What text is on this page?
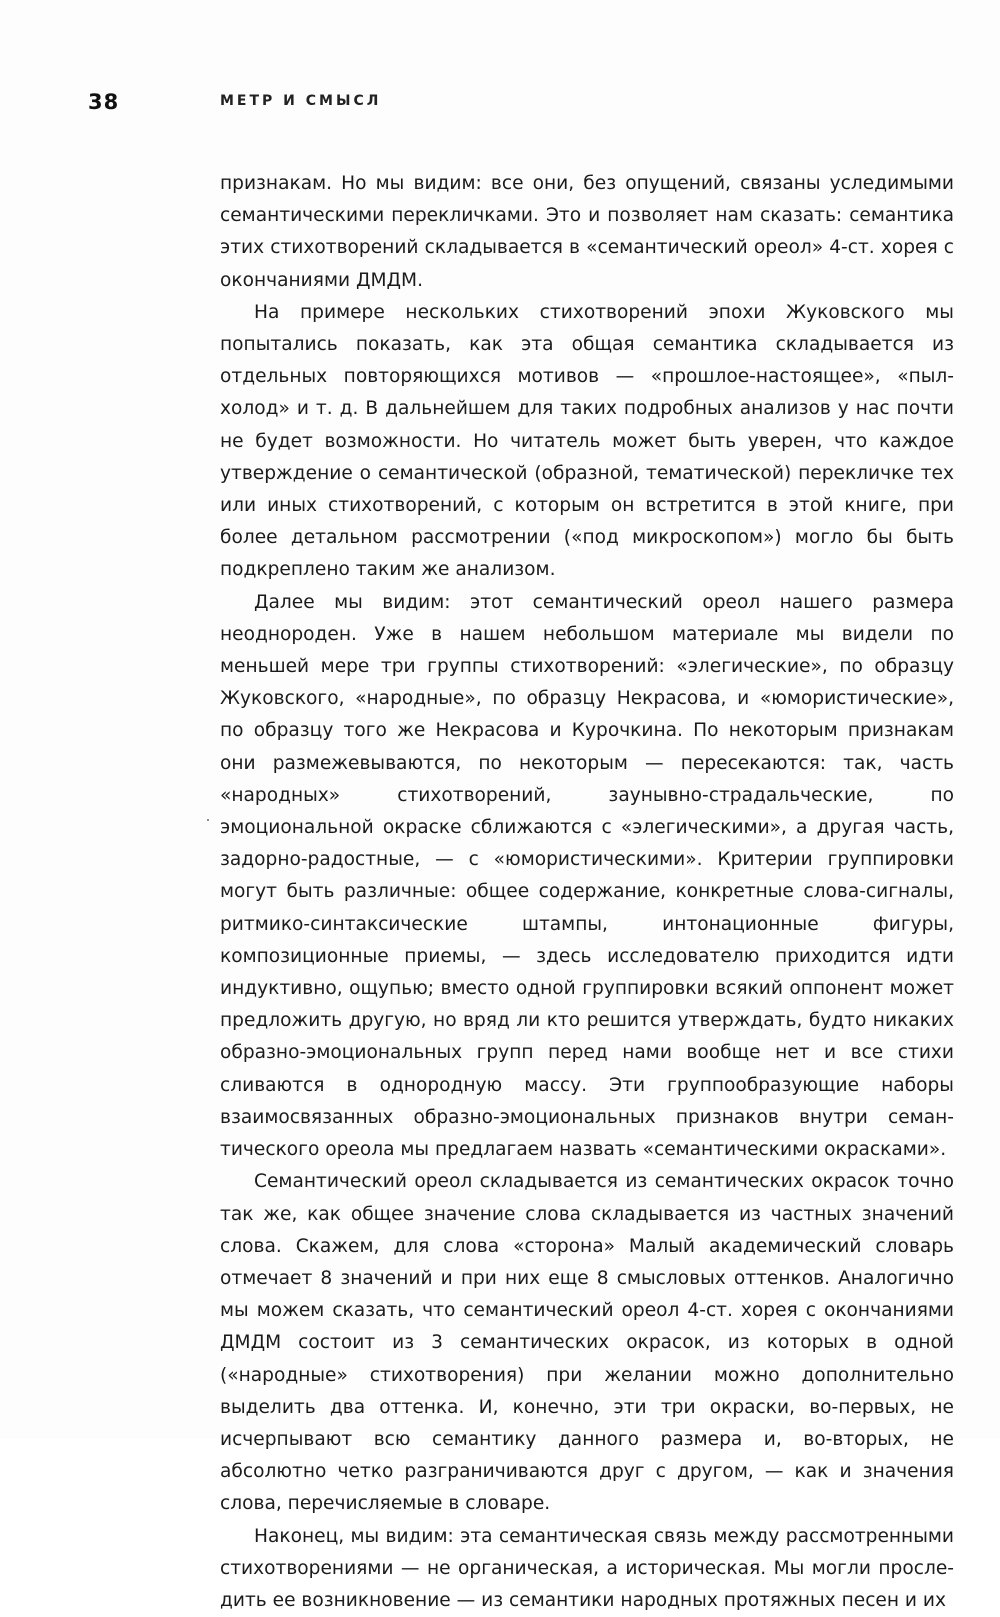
38	МЕТР И СМЫСЛ

признакам. Но мы видим: все они, без опущений, связаны уследимыми семантическими перекличками. Это и позволяет нам сказать: семантика этих стихотворений складывается в «семантический ореол» 4-ст. хорея с окончаниями ДМДМ.

На примере нескольких стихотворений эпохи Жуковского мы попытались показать, как эта общая семантика складывается из отдельных повторяющихся мотивов — «прошлое-настоящее», «пыл-холод» и т. д. В дальнейшем для таких подробных анализов у нас почти не будет возможности. Но читатель может быть уверен, что каждое утверждение о семантической (образной, тематической) перекличке тех или иных стихотворений, с которым он встретится в этой книге, при более детальном рассмотрении («под микроскопом») могло бы быть подкреплено таким же анализом.

Далее мы видим: этот семантический ореол нашего размера неоднороден. Уже в нашем небольшом материале мы видели по меньшей мере три группы стихотворений: «элегические», по образцу Жуковского, «народные», по образцу Некрасова, и «юмористические», по образцу того же Некрасова и Курочкина. По некоторым признакам они размежевываются, по некоторым — пересекаются: так, часть «народных» стихотворений, заунывно-страдальческие, по эмоциональной окраске сближаются с «элегическими», а другая часть, задорно-радостные, — с «юмористическими». Критерии группировки могут быть различные: общее содержание, конкретные слова-сигналы, ритмико-синтаксические штампы, интонационные фигуры, композиционные приемы, — здесь исследователю приходится идти индуктивно, ощупью; вместо одной группировки всякий оппонент может предложить другую, но вряд ли кто решится утверждать, будто никаких образно-эмоциональных групп перед нами вообще нет и все стихи сливаются в однородную массу. Эти группообразующие наборы взаимосвязанных образно-эмоциональных признаков внутри семантического ореола мы предлагаем назвать «семантическими окрасками».

Семантический ореол складывается из семантических окрасок точно так же, как общее значение слова складывается из частных значений слова. Скажем, для слова «сторона» Малый академический словарь отмечает 8 значений и при них еще 8 смысловых оттенков. Аналогично мы можем сказать, что семантический ореол 4-ст. хорея с окончаниями ДМДМ состоит из 3 семантических окрасок, из которых в одной («народные» стихотворения) при желании можно дополнительно выделить два оттенка. И, конечно, эти три окраски, во-первых, не исчерпывают всю семантику данного размера и, во-вторых, не абсолютно четко разграничиваются друг с другом, — как и значения слова, перечисляемые в словаре.

Наконец, мы видим: эта семантическая связь между рассмотренными стихотворениями — не органическая, а историческая. Мы могли проследить ее возникновение — из семантики народных протяжных песен и их
